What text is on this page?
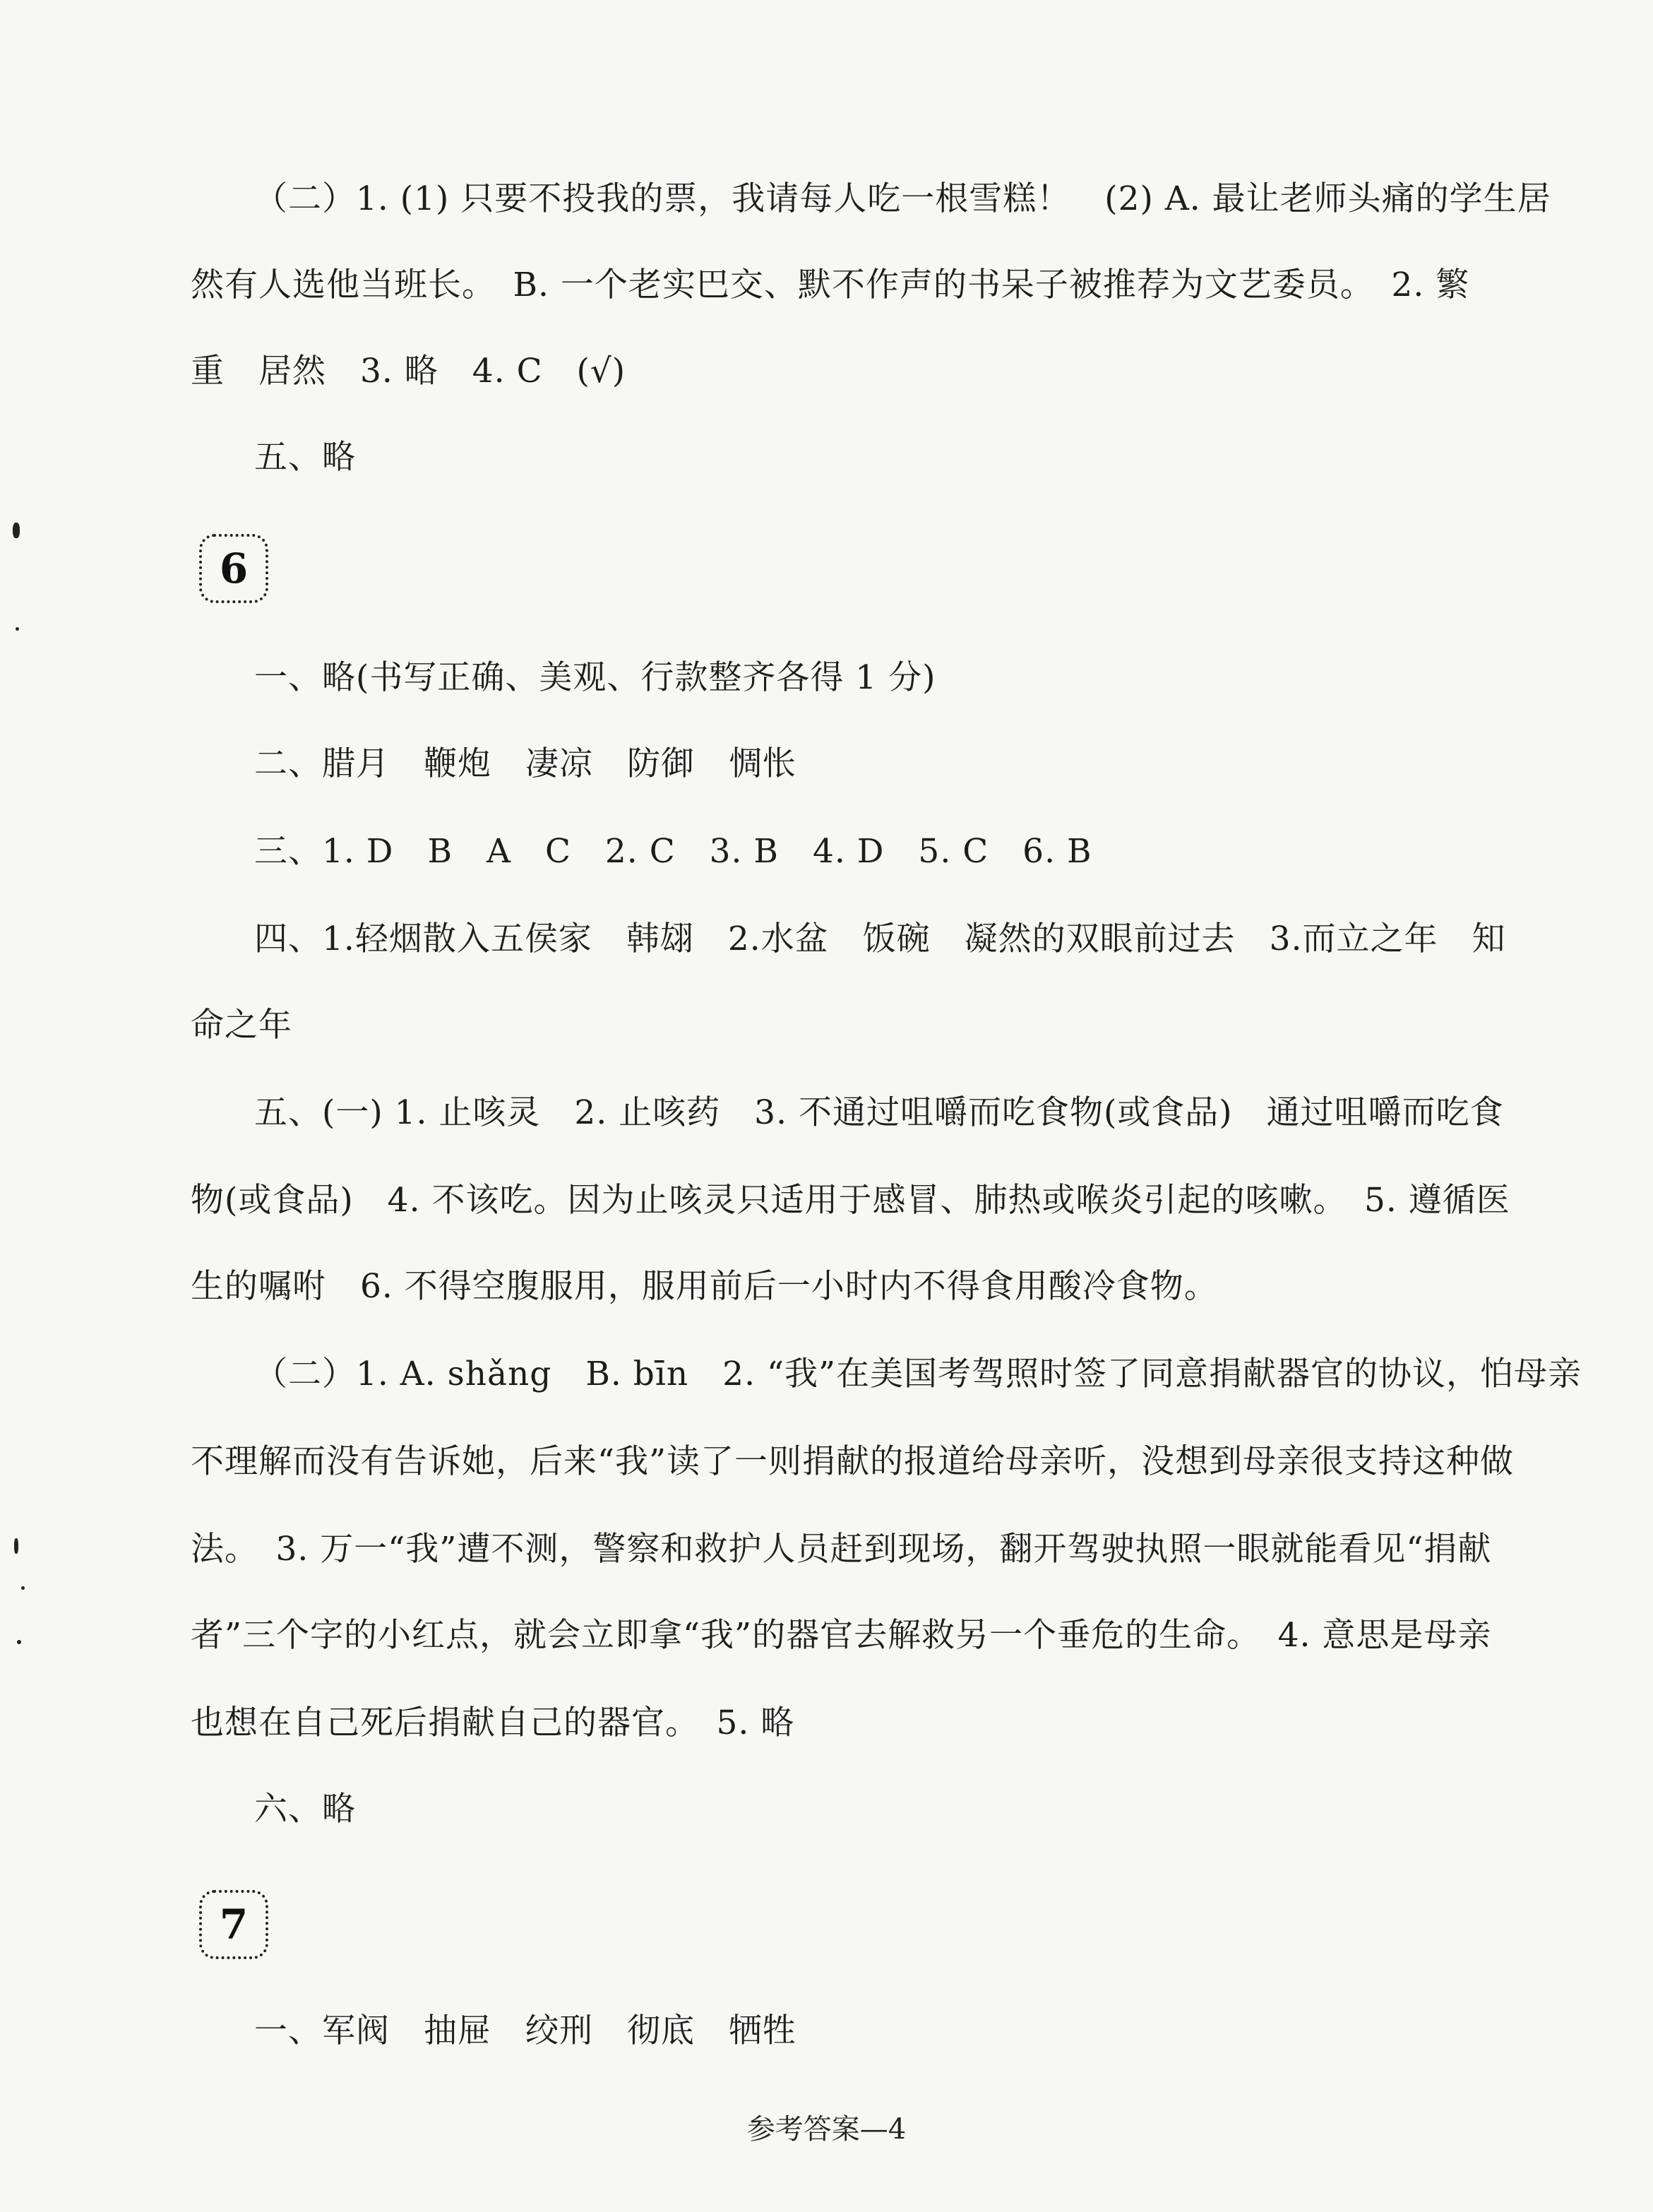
（二）1. (1) 只要不投我的票，我请每人吃一根雪糕！　(2) A. 最让老师头痛的学生居
然有人选他当班长。　B. 一个老实巴交、默不作声的书呆子被推荐为文艺委员。　2. 繁
重　居然　3. 略　4. C　(√)
五、略
6
一、略(书写正确、美观、行款整齐各得 1 分)
二、腊月　鞭炮　凄凉　防御　惆怅
三、1. D　B　A　C　2. C　3. B　4. D　5. C　6. B
四、1.轻烟散入五侯家　韩翃　2.水盆　饭碗　凝然的双眼前过去　3.而立之年　知
命之年
五、(一) 1. 止咳灵　2. 止咳药　3. 不通过咀嚼而吃食物(或食品)　通过咀嚼而吃食
物(或食品)　4. 不该吃。因为止咳灵只适用于感冒、肺热或喉炎引起的咳嗽。　5. 遵循医
生的嘱咐　6. 不得空腹服用，服用前后一小时内不得食用酸冷食物。
（二）1. A. shǎng　B. bīn　2. “我”在美国考驾照时签了同意捐献器官的协议，怕母亲
不理解而没有告诉她，后来“我”读了一则捐献的报道给母亲听，没想到母亲很支持这种做
法。　3. 万一“我”遭不测，警察和救护人员赶到现场，翻开驾驶执照一眼就能看见“捐献
者”三个字的小红点，就会立即拿“我”的器官去解救另一个垂危的生命。　4. 意思是母亲
也想在自己死后捐献自己的器官。　5. 略
六、略
7
一、军阀　抽屉　绞刑　彻底　牺牲
参考答案—4
